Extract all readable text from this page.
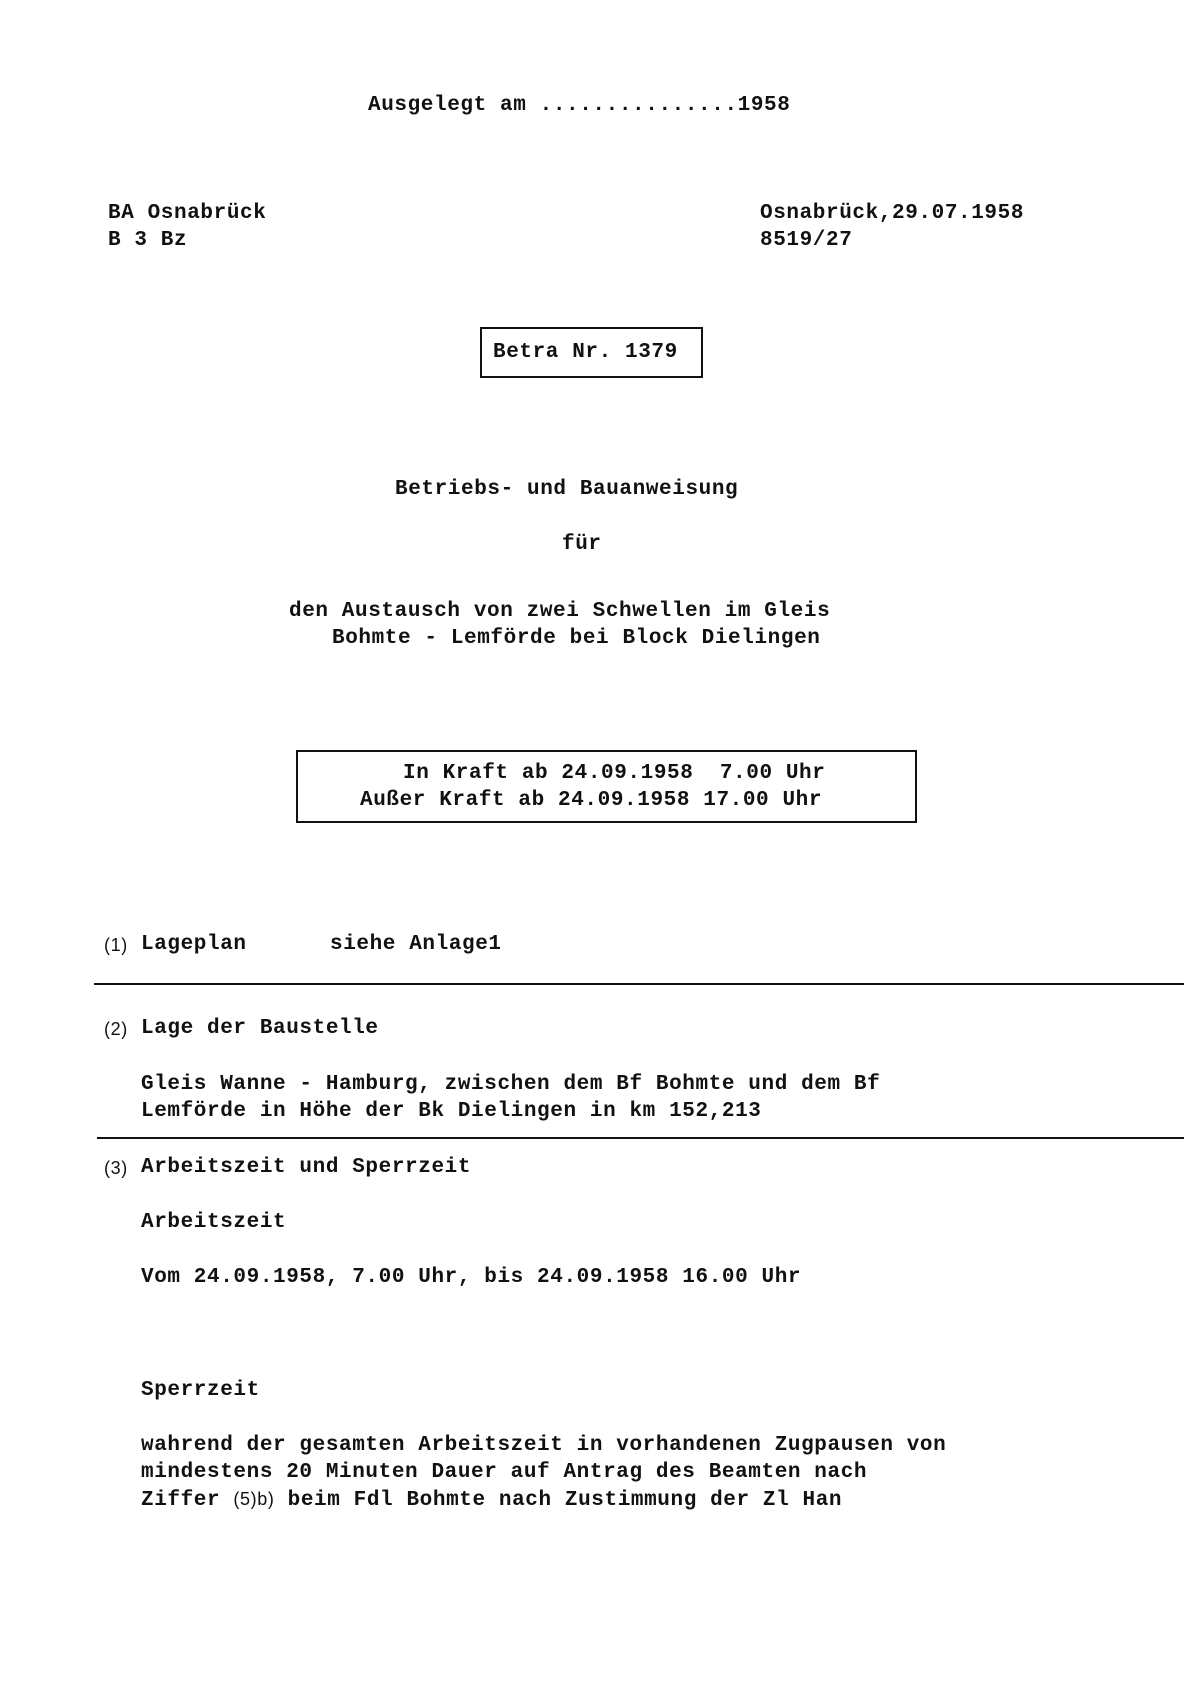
Ausgelegt am ...............1958
BA Osnabrück
B 3 Bz
Osnabrück,29.07.1958
8519/27
Betra Nr. 1379
Betriebs- und Bauanweisung
für
den Austausch von zwei Schwellen im Gleis
Bohmte - Lemförde bei Block Dielingen
In Kraft ab 24.09.1958  7.00 Uhr
Außer Kraft ab 24.09.1958 17.00 Uhr
(1) Lageplan	siehe Anlage1
(2) Lage der Baustelle
Gleis Wanne - Hamburg, zwischen dem Bf Bohmte und dem Bf
Lemförde in Höhe der Bk Dielingen in km 152,213
(3) Arbeitszeit und Sperrzeit
Arbeitszeit
Vom 24.09.1958, 7.00 Uhr, bis 24.09.1958 16.00 Uhr
Sperrzeit
wahrend der gesamten Arbeitszeit in vorhandenen Zugpausen von
mindestens 20 Minuten Dauer auf Antrag des Beamten nach
Ziffer (5)b) beim Fdl Bohmte nach Zustimmung der Zl Han
